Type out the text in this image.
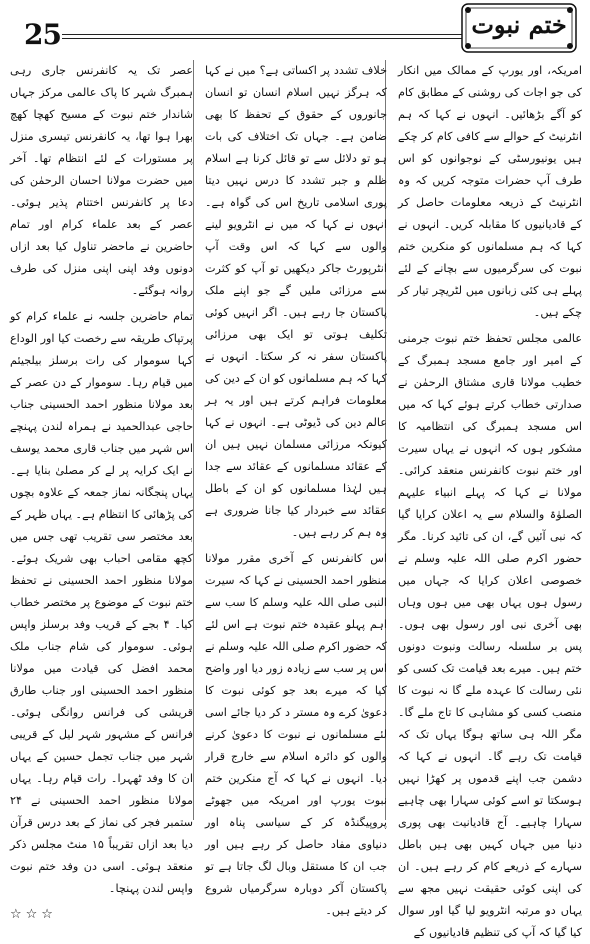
25	ختم نبوت

امریکہ، اور یورپ کے ممالک میں انکار کی جو اجات کی روشنی کے مطابق کام کو آگے بڑھائیں۔ انہوں نے کہا کہ ہم انٹرنیٹ کے حوالے سے کافی کام کر چکے ہیں یونیورسٹی کے نوجوانوں کو اس طرف آپ حضرات متوجہ کریں کہ وہ انٹرنیٹ کے ذریعہ معلومات حاصل کر کے قادیانیوں کا مقابلہ کریں۔ انہوں نے کہا کہ ہم مسلمانوں کو منکرین ختم نبوت کی سرگرمیوں سے بچانے کے لئے پہلے ہی کئی زبانوں میں لٹریچر تیار کر چکے ہیں۔

عالمی مجلس تحفظ ختم نبوت جرمنی کے امیر اور جامع مسجد ہمبرگ کے خطیب مولانا قاری مشتاق الرحمٰن نے صدارتی خطاب کرتے ہوئے کہا کہ میں اس مسجد ہمبرگ کی انتظامیہ کا مشکور ہوں کہ انہوں نے یہاں سیرت اور ختم نبوت کانفرنس منعقد کرائی۔ مولانا نے کہا کہ پہلے انبیاء علیہم الصلوٰۃ والسلام سے یہ اعلان کرایا گیا کہ نبی آئیں گے، ان کی تائید کرنا۔ مگر حضور اکرم صلی اللہ علیہ وسلم نے خصوصی اعلان کرایا کہ جہاں میں رسول ہوں یہاں بھی میں ہوں وہاں بھی آخری نبی اور رسول بھی ہوں۔ پس بر سلسلہ رسالت ونبوت دونوں ختم ہیں۔ میرے بعد قیامت تک کسی کو نئی رسالت کا عہدہ ملے گا نہ نبوت کا منصب کسی کو مشاہی کا تاج ملے گا۔ مگر اللہ ہی ساتھ ہوگا یہاں تک کہ قیامت تک رہے گا۔ انہوں نے کہا کہ دشمن جب اپنے قدموں پر کھڑا نہیں ہوسکتا تو اسے کوئی سہارا بھی چاہیے سہارا چاہیے۔ آج قادیانیت بھی پوری دنیا میں جہاں کہیں بھی ہیں باطل سہارے کے ذریعے کام کر رہے ہیں۔ ان کی اپنی کوئی حقیقت نہیں مجھ سے یہاں دو مرتبہ انٹرویو لیا گیا اور سوال کیا گیا کہ آپ کی تنظیم قادیانیوں کے

خلاف تشدد پر اکساتی ہے؟ میں نے کہا کہ ہرگز نہیں اسلام انسان تو انسان جانوروں کے حقوق کے تحفظ کا بھی ضامن ہے۔ جہاں تک اختلاف کی بات ہو تو دلائل سے تو قائل کرنا ہے اسلام ظلم و جبر تشدد کا درس نہیں دیتا پوری اسلامی تاریخ اس کی گواہ ہے۔ انہوں نے کہا کہ میں نے انٹرویو لینے والوں سے کہا کہ اس وقت آپ انٹرپورٹ جاکر دیکھیں تو آپ کو کثرت سے مرزائی ملیں گے جو اپنے ملک پاکستان جا رہے ہیں۔ اگر انہیں کوئی تکلیف ہوتی تو ایک بھی مرزائی پاکستان سفر نہ کر سکتا۔ انہوں نے کہا کہ ہم مسلمانوں کو ان کے دین کی معلومات فراہم کرتے ہیں اور یہ ہر عالم دین کی ڈیوٹی ہے۔ انہوں نے کہا کیونکہ مرزائی مسلمان نہیں ہیں ان کے عقائد مسلمانوں کے عقائد سے جدا ہیں لہٰذا مسلمانوں کو ان کے باطل عقائد سے خبردار کیا جانا ضروری ہے وہ ہم کر رہے ہیں۔

اس کانفرنس کے آخری مقرر مولانا منظور احمد الحسینی نے کہا کہ سیرت النبی صلی اللہ علیہ وسلم کا سب سے اہم پہلو عقیدہ ختم نبوت ہے اس لئے کہ حضور اکرم صلی اللہ علیہ وسلم نے اس پر سب سے زیادہ زور دیا اور واضح کیا کہ میرے بعد جو کوئی نبوت کا دعویٰ کرے وہ مستر د کر دیا جائے اسی لئے مسلمانوں نے نبوت کا دعویٰ کرنے والوں کو دائرہ اسلام سے خارج قرار دیا۔ انہوں نے کہا کہ آج منکرین ختم نبوت یورپ اور امریکہ میں جھوٹے پروپیگنڈہ کر کے سیاسی پناہ اور دنیاوی مفاد حاصل کر رہے ہیں اور جب ان کا مستقل وبال لگ جاتا ہے تو پاکستان آکر دوبارہ سرگرمیاں شروع کر دیتے ہیں۔

عصر تک یہ کانفرنس جاری رہی ہمبرگ شہر کا پاک عالمی مرکز جہاں شاندار ختم نبوت کے مسیح کھچا کھچ بھرا ہوا تھا، یہ کانفرنس تیسری منزل پر مستورات کے لئے انتظام تھا۔ آخر میں حضرت مولانا احسان الرحمٰن کی دعا پر کانفرنس اختتام پذیر ہوئی۔ عصر کے بعد علماء کرام اور تمام حاضرین نے ماحضر تناول کیا بعد ازاں دونوں وفد اپنی اپنی منزل کی طرف روانہ ہوگئے۔

تمام حاضرین جلسہ نے علماء کرام کو پرتپاک طریقہ سے رخصت کیا اور الوداع کہا سوموار کی رات برسلز بیلجیئم میں قیام رہا۔ سوموار کے دن عصر کے بعد مولانا منظور احمد الحسینی جناب حاجی عبدالحمید نے ہمراہ لندن پہنچے اس شہر میں جناب قاری محمد یوسف نے ایک کرایہ پر لے کر مصلیٰ بنایا ہے۔ یہاں پنجگانہ نماز جمعہ کے علاوہ بچوں کی پڑھائی کا انتظام ہے۔ یہاں ظہر کے بعد مختصر سی تقریب تھی جس میں کچھ مقامی احباب بھی شریک ہوئے۔ مولانا منظور احمد الحسینی نے تحفظ ختم نبوت کے موضوع پر مختصر خطاب کیا۔ ۴ بجے کے قریب وفد برسلز واپس ہوئی۔ سوموار کی شام جناب ملک محمد افضل کی قیادت میں مولانا منظور احمد الحسینی اور جناب طارق قریشی کی فرانس روانگی ہوئی۔ فرانس کے مشہور شہر لیل کے قریبی شہر میں جناب تجمل حسین کے یہاں ان کا وفد ٹھہرا۔ رات قیام رہا۔ یہاں مولانا منظور احمد الحسینی نے ۲۴ ستمبر فجر کی نماز کے بعد درس قرآن دیا بعد ازاں تقریباً ۱۵ منٹ مجلس ذکر منعقد ہوئی۔ اسی دن وفد ختم نبوت واپس لندن پہنچا۔

☆☆☆
